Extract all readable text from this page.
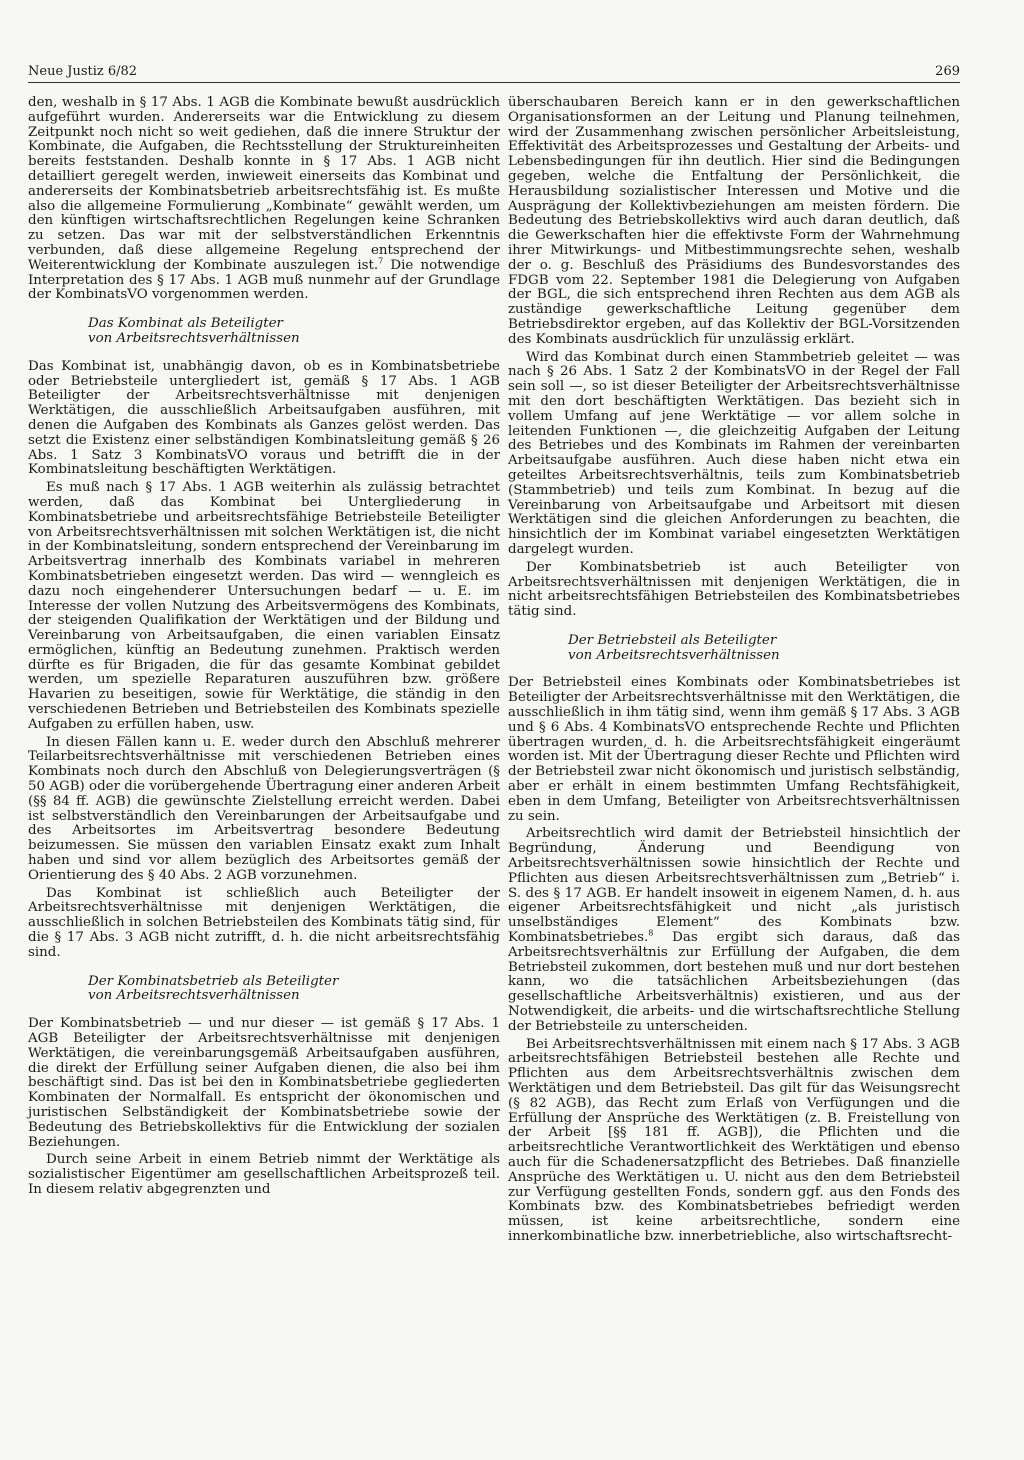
Neue Justiz 6/82	269

den, weshalb in § 17 Abs. 1 AGB die Kombinate bewußt ausdrücklich aufgeführt wurden. Andererseits war die Entwicklung zu diesem Zeitpunkt noch nicht so weit gediehen, daß die innere Struktur der Kombinate, die Aufgaben, die Rechtsstellung der Struktureinheiten bereits feststanden. Deshalb konnte in § 17 Abs. 1 AGB nicht detailliert geregelt werden, inwieweit einerseits das Kombinat und andererseits der Kombinatsbetrieb arbeitsrechtsfähig ist. Es mußte also die allgemeine Formulierung „Kombinate“ gewählt werden, um den künftigen wirtschaftsrechtlichen Regelungen keine Schranken zu setzen. Das war mit der selbstverständlichen Erkenntnis verbunden, daß diese allgemeine Regelung entsprechend der Weiterentwicklung der Kombinate auszulegen ist.$^7$ Die notwendige Interpretation des § 17 Abs. 1 AGB muß nunmehr auf der Grundlage der KombinatsVO vorgenommen werden.

Das Kombinat als Beteiligter
von Arbeitsrechtsverhältnissen

Das Kombinat ist, unabhängig davon, ob es in Kombinatsbetriebe oder Betriebsteile untergliedert ist, gemäß § 17 Abs. 1 AGB Beteiligter der Arbeitsrechtsverhältnisse mit denjenigen Werktätigen, die ausschließlich Arbeitsaufgaben ausführen, mit denen die Aufgaben des Kombinats als Ganzes gelöst werden. Das setzt die Existenz einer selbständigen Kombinatsleitung gemäß § 26 Abs. 1 Satz 3 KombinatsVO voraus und betrifft die in der Kombinatsleitung beschäftigten Werktätigen.

Es muß nach § 17 Abs. 1 AGB weiterhin als zulässig betrachtet werden, daß das Kombinat bei Untergliederung in Kombinatsbetriebe und arbeitsrechtsfähige Betriebsteile Beteiligter von Arbeitsrechtsverhältnissen mit solchen Werktätigen ist, die nicht in der Kombinatsleitung, sondern entsprechend der Vereinbarung im Arbeitsvertrag innerhalb des Kombinats variabel in mehreren Kombinatsbetrieben eingesetzt werden. Das wird — wenngleich es dazu noch eingehenderer Untersuchungen bedarf — u. E. im Interesse der vollen Nutzung des Arbeitsvermögens des Kombinats, der steigenden Qualifikation der Werktätigen und der Bildung und Vereinbarung von Arbeitsaufgaben, die einen variablen Einsatz ermöglichen, künftig an Bedeutung zunehmen. Praktisch werden dürfte es für Brigaden, die für das gesamte Kombinat gebildet werden, um spezielle Reparaturen auszuführen bzw. größere Havarien zu beseitigen, sowie für Werktätige, die ständig in den verschiedenen Betrieben und Betriebsteilen des Kombinats spezielle Aufgaben zu erfüllen haben, usw.

In diesen Fällen kann u. E. weder durch den Abschluß mehrerer Teilarbeitsrechtsverhältnisse mit verschiedenen Betrieben eines Kombinats noch durch den Abschluß von Delegierungsverträgen (§ 50 AGB) oder die vorübergehende Übertragung einer anderen Arbeit (§§ 84 ff. AGB) die gewünschte Zielstellung erreicht werden. Dabei ist selbstverständlich den Vereinbarungen der Arbeitsaufgabe und des Arbeitsortes im Arbeitsvertrag besondere Bedeutung beizumessen. Sie müssen den variablen Einsatz exakt zum Inhalt haben und sind vor allem bezüglich des Arbeitsortes gemäß der Orientierung des § 40 Abs. 2 AGB vorzunehmen.

Das Kombinat ist schließlich auch Beteiligter der Arbeitsrechtsverhältnisse mit denjenigen Werktätigen, die ausschließlich in solchen Betriebsteilen des Kombinats tätig sind, für die § 17 Abs. 3 AGB nicht zutrifft, d. h. die nicht arbeitsrechtsfähig sind.

Der Kombinatsbetrieb als Beteiligter
von Arbeitsrechtsverhältnissen

Der Kombinatsbetrieb — und nur dieser — ist gemäß § 17 Abs. 1 AGB Beteiligter der Arbeitsrechtsverhältnisse mit denjenigen Werktätigen, die vereinbarungsgemäß Arbeitsaufgaben ausführen, die direkt der Erfüllung seiner Aufgaben dienen, die also bei ihm beschäftigt sind. Das ist bei den in Kombinatsbetriebe gegliederten Kombinaten der Normalfall. Es entspricht der ökonomischen und juristischen Selbständigkeit der Kombinatsbetriebe sowie der Bedeutung des Betriebskollektivs für die Entwicklung der sozialen Beziehungen.

Durch seine Arbeit in einem Betrieb nimmt der Werktätige als sozialistischer Eigentümer am gesellschaftlichen Arbeitsprozeß teil. In diesem relativ abgegrenzten und

überschaubaren Bereich kann er in den gewerkschaftlichen Organisationsformen an der Leitung und Planung teilnehmen, wird der Zusammenhang zwischen persönlicher Arbeitsleistung, Effektivität des Arbeitsprozesses und Gestaltung der Arbeits- und Lebensbedingungen für ihn deutlich. Hier sind die Bedingungen gegeben, welche die Entfaltung der Persönlichkeit, die Herausbildung sozialistischer Interessen und Motive und die Ausprägung der Kollektivbeziehungen am meisten fördern. Die Bedeutung des Betriebskollektivs wird auch daran deutlich, daß die Gewerkschaften hier die effektivste Form der Wahrnehmung ihrer Mitwirkungs- und Mitbestimmungsrechte sehen, weshalb der o. g. Beschluß des Präsidiums des Bundesvorstandes des FDGB vom 22. September 1981 die Delegierung von Aufgaben der BGL, die sich entsprechend ihren Rechten aus dem AGB als zuständige gewerkschaftliche Leitung gegenüber dem Betriebsdirektor ergeben, auf das Kollektiv der BGL-Vorsitzenden des Kombinats ausdrücklich für unzulässig erklärt.

Wird das Kombinat durch einen Stammbetrieb geleitet — was nach § 26 Abs. 1 Satz 2 der KombinatsVO in der Regel der Fall sein soll —, so ist dieser Beteiligter der Arbeitsrechtsverhältnisse mit den dort beschäftigten Werktätigen. Das bezieht sich in vollem Umfang auf jene Werktätige — vor allem solche in leitenden Funktionen —, die gleichzeitig Aufgaben der Leitung des Betriebes und des Kombinats im Rahmen der vereinbarten Arbeitsaufgabe ausführen. Auch diese haben nicht etwa ein geteiltes Arbeitsrechtsverhältnis, teils zum Kombinatsbetrieb (Stammbetrieb) und teils zum Kombinat. In bezug auf die Vereinbarung von Arbeitsaufgabe und Arbeitsort mit diesen Werktätigen sind die gleichen Anforderungen zu beachten, die hinsichtlich der im Kombinat variabel eingesetzten Werktätigen dargelegt wurden.

Der Kombinatsbetrieb ist auch Beteiligter von Arbeitsrechtsverhältnissen mit denjenigen Werktätigen, die in nicht arbeitsrechtsfähigen Betriebsteilen des Kombinatsbetriebes tätig sind.

Der Betriebsteil als Beteiligter
von Arbeitsrechtsverhältnissen

Der Betriebsteil eines Kombinats oder Kombinatsbetriebes ist Beteiligter der Arbeitsrechtsverhältnisse mit den Werktätigen, die ausschließlich in ihm tätig sind, wenn ihm gemäß § 17 Abs. 3 AGB und § 6 Abs. 4 KombinatsVO entsprechende Rechte und Pflichten übertragen wurden, d. h. die Arbeitsrechtsfähigkeit eingeräumt worden ist. Mit der Übertragung dieser Rechte und Pflichten wird der Betriebsteil zwar nicht ökonomisch und juristisch selbständig, aber er erhält in einem bestimmten Umfang Rechtsfähigkeit, eben in dem Umfang, Beteiligter von Arbeitsrechtsverhältnissen zu sein.

Arbeitsrechtlich wird damit der Betriebsteil hinsichtlich der Begründung, Änderung und Beendigung von Arbeitsrechtsverhältnissen sowie hinsichtlich der Rechte und Pflichten aus diesen Arbeitsrechtsverhältnissen zum „Betrieb“ i. S. des § 17 AGB. Er handelt insoweit in eigenem Namen, d. h. aus eigener Arbeitsrechtsfähigkeit und nicht „als juristisch unselbständiges Element“ des Kombinats bzw. Kombinatsbetriebes.$^8$ Das ergibt sich daraus, daß das Arbeitsrechtsverhältnis zur Erfüllung der Aufgaben, die dem Betriebsteil zukommen, dort bestehen muß und nur dort bestehen kann, wo die tatsächlichen Arbeitsbeziehungen (das gesellschaftliche Arbeitsverhältnis) existieren, und aus der Notwendigkeit, die arbeits- und die wirtschaftsrechtliche Stellung der Betriebsteile zu unterscheiden.

Bei Arbeitsrechtsverhältnissen mit einem nach § 17 Abs. 3 AGB arbeitsrechtsfähigen Betriebsteil bestehen alle Rechte und Pflichten aus dem Arbeitsrechtsverhältnis zwischen dem Werktätigen und dem Betriebsteil. Das gilt für das Weisungsrecht (§ 82 AGB), das Recht zum Erlaß von Verfügungen und die Erfüllung der Ansprüche des Werktätigen (z. B. Freistellung von der Arbeit [§§ 181 ff. AGB]), die Pflichten und die arbeitsrechtliche Verantwortlichkeit des Werktätigen und ebenso auch für die Schadenersatzpflicht des Betriebes. Daß finanzielle Ansprüche des Werktätigen u. U. nicht aus den dem Betriebsteil zur Verfügung gestellten Fonds, sondern ggf. aus den Fonds des Kombinats bzw. des Kombinatsbetriebes befriedigt werden müssen, ist keine arbeitsrechtliche, sondern eine innerkombinatliche bzw. innerbetriebliche, also wirtschaftsrecht-
